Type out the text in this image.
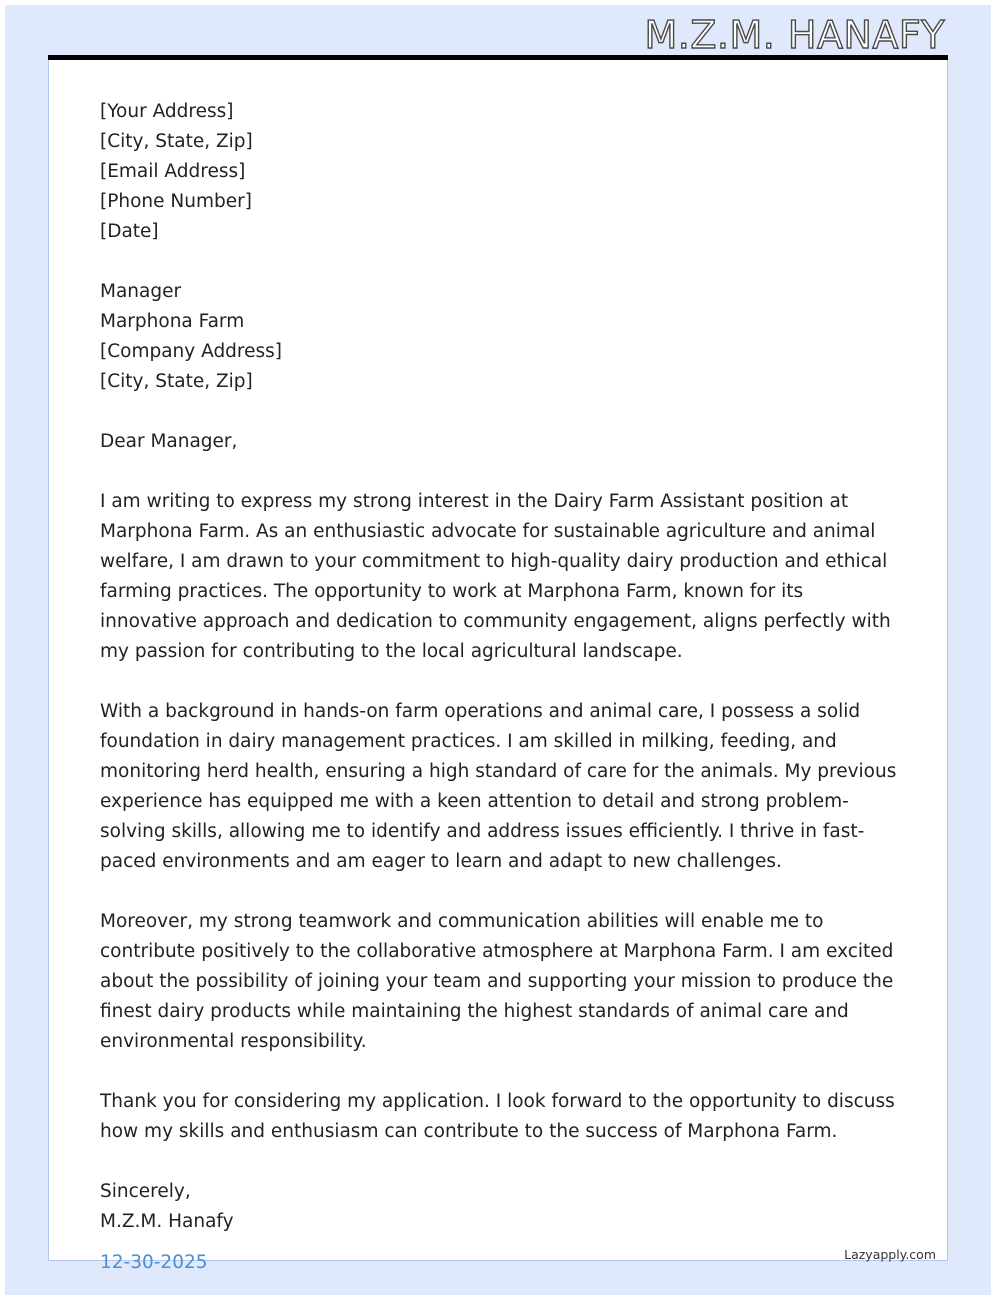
M.Z.M. HANAFY
[Your Address]
[City, State, Zip]
[Email Address]
[Phone Number]
[Date]
Manager
Marphona Farm
[Company Address]
[City, State, Zip]
Dear Manager,
I am writing to express my strong interest in the Dairy Farm Assistant position at Marphona Farm. As an enthusiastic advocate for sustainable agriculture and animal welfare, I am drawn to your commitment to high-quality dairy production and ethical farming practices. The opportunity to work at Marphona Farm, known for its innovative approach and dedication to community engagement, aligns perfectly with my passion for contributing to the local agricultural landscape.
With a background in hands-on farm operations and animal care, I possess a solid foundation in dairy management practices. I am skilled in milking, feeding, and monitoring herd health, ensuring a high standard of care for the animals. My previous experience has equipped me with a keen attention to detail and strong problem-solving skills, allowing me to identify and address issues efficiently. I thrive in fast-paced environments and am eager to learn and adapt to new challenges.
Moreover, my strong teamwork and communication abilities will enable me to contribute positively to the collaborative atmosphere at Marphona Farm. I am excited about the possibility of joining your team and supporting your mission to produce the finest dairy products while maintaining the highest standards of animal care and environmental responsibility.
Thank you for considering my application. I look forward to the opportunity to discuss how my skills and enthusiasm can contribute to the success of Marphona Farm.
Sincerely,
M.Z.M. Hanafy
12-30-2025	Lazyapply.com
